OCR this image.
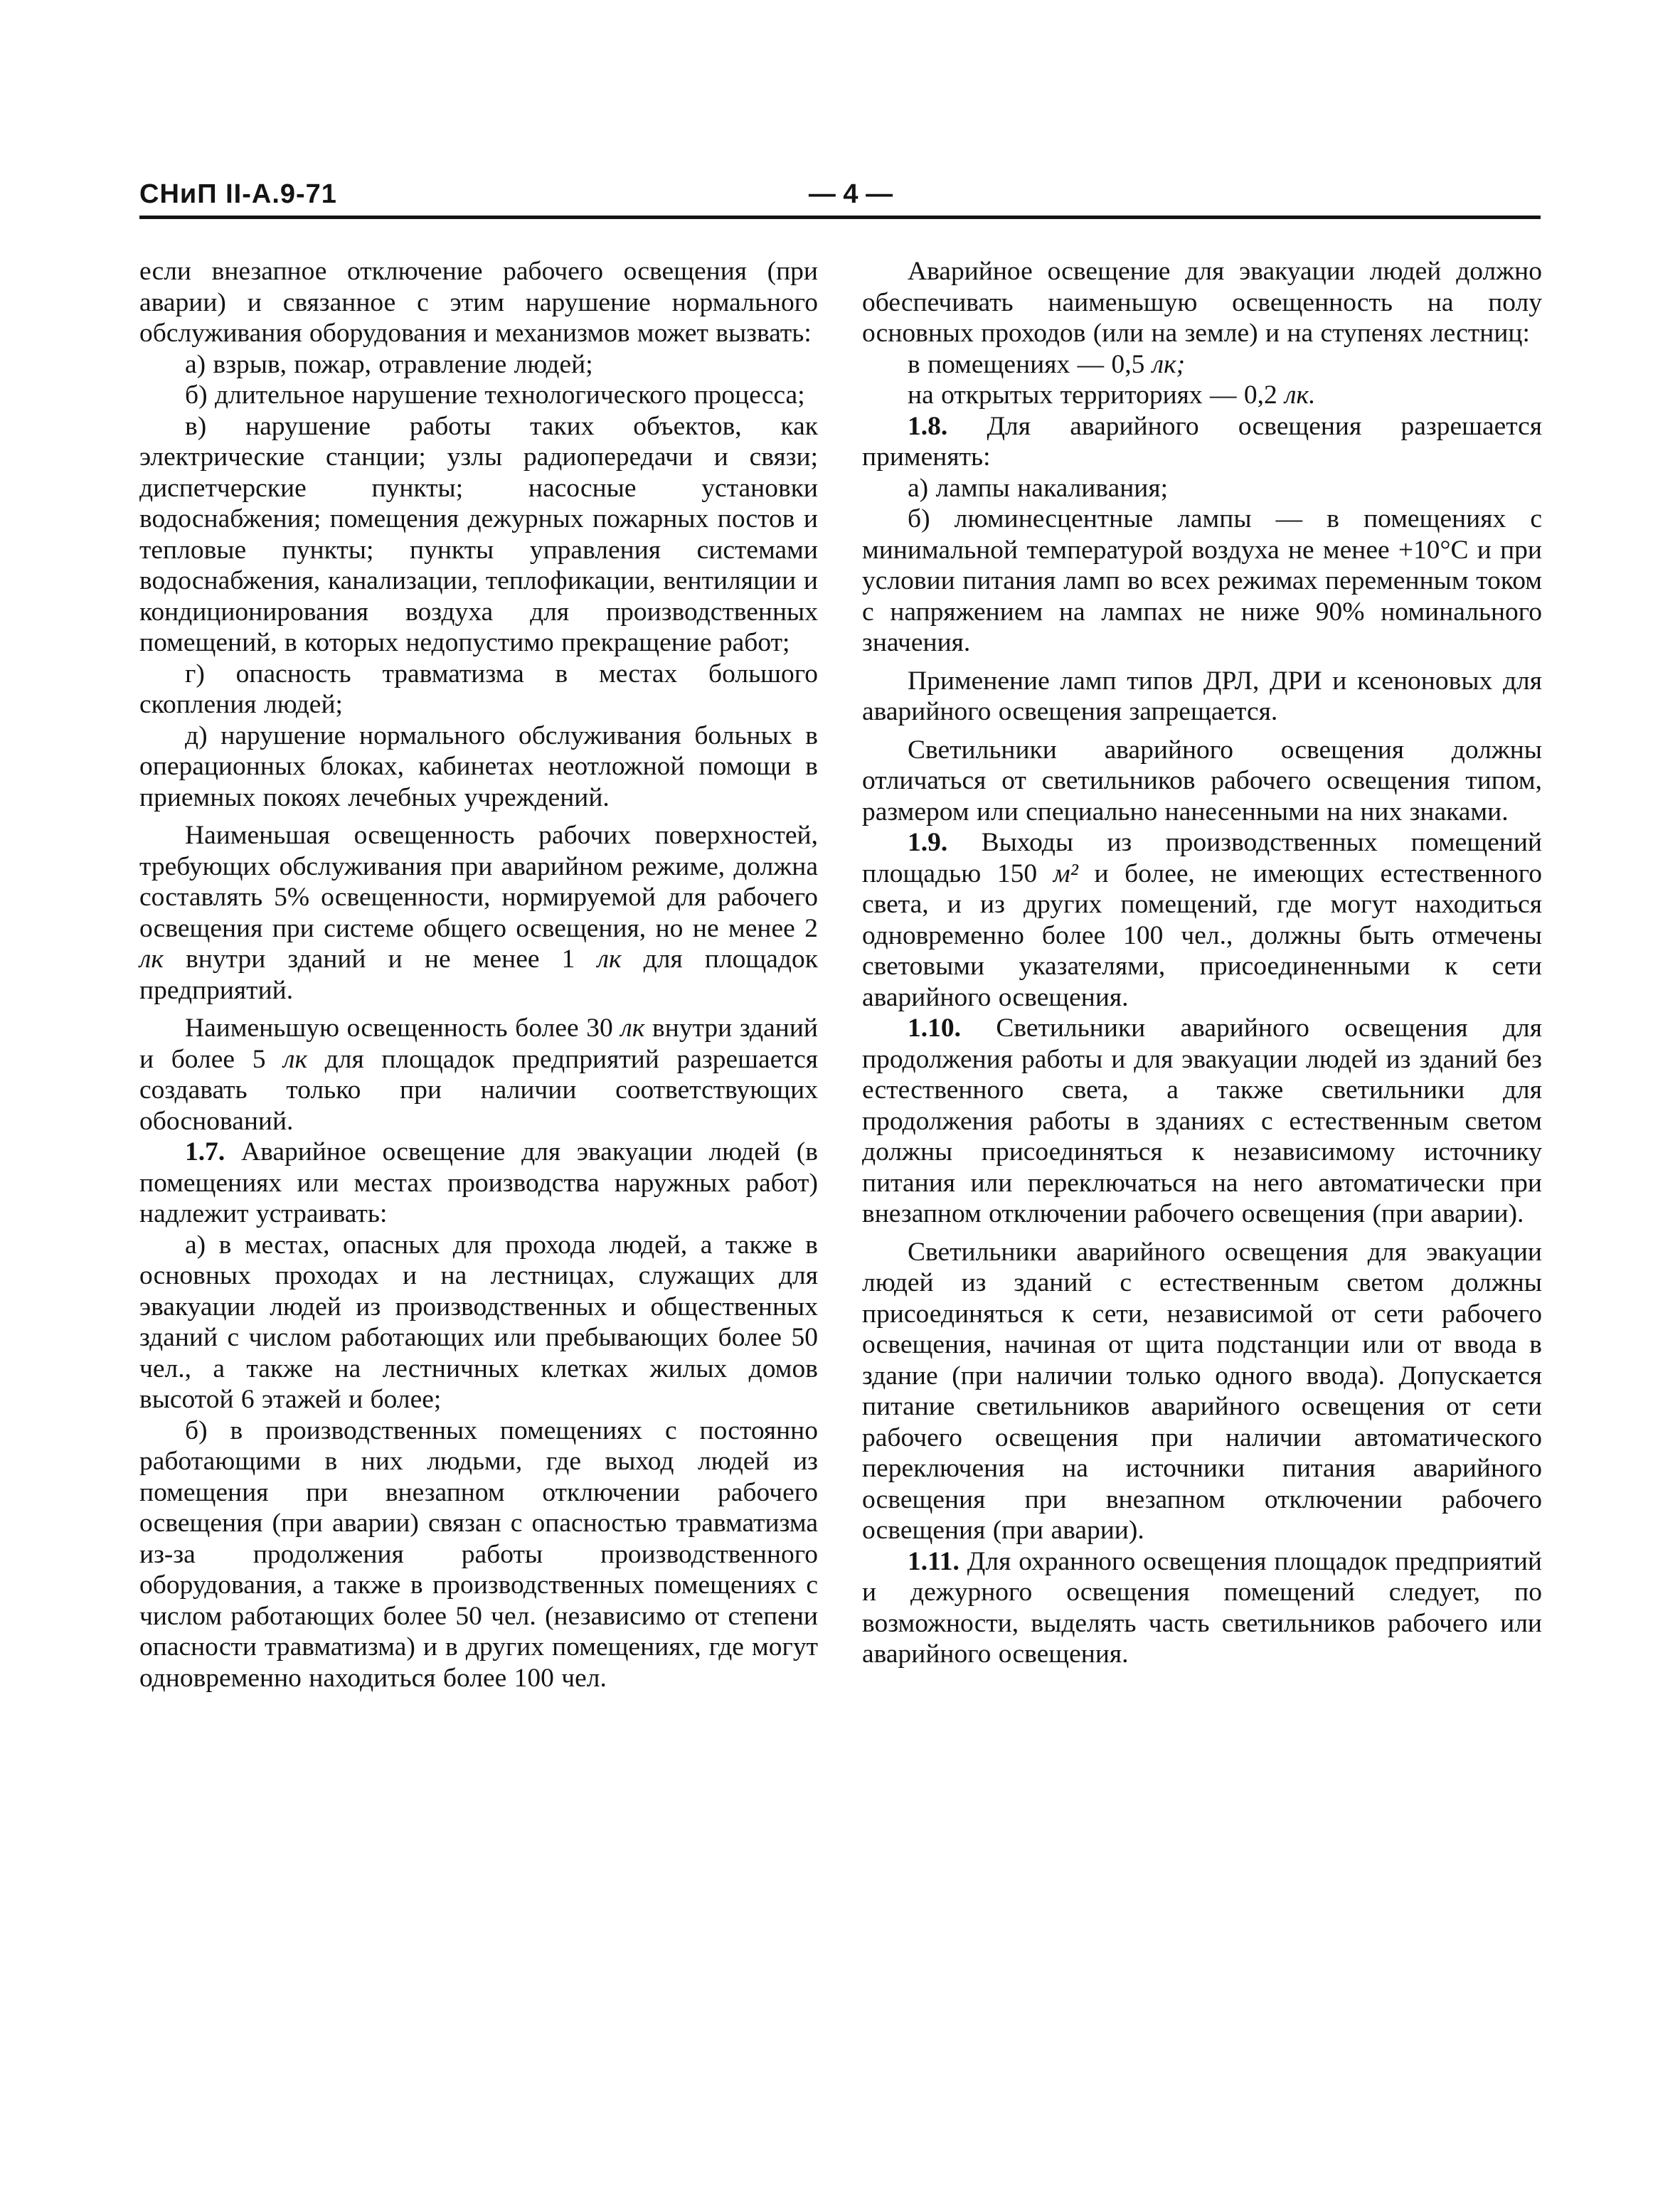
СНиП II-А.9-71	— 4 —

если внезапное отключение рабочего освещения (при аварии) и связанное с этим нарушение нормального обслуживания оборудования и механизмов может вызвать:

а) взрыв, пожар, отравление людей;

б) длительное нарушение технологического процесса;

в) нарушение работы таких объектов, как электрические станции; узлы радиопередачи и связи; диспетчерские пункты; насосные установки водоснабжения; помещения дежурных пожарных постов и тепловые пункты; пункты управления системами водоснабжения, канализации, теплофикации, вентиляции и кондиционирования воздуха для производственных помещений, в которых недопустимо прекращение работ;

г) опасность травматизма в местах большого скопления людей;

д) нарушение нормального обслуживания больных в операционных блоках, кабинетах неотложной помощи в приемных покоях лечебных учреждений.

Наименьшая освещенность рабочих поверхностей, требующих обслуживания при аварийном режиме, должна составлять 5% освещенности, нормируемой для рабочего освещения при системе общего освещения, но не менее 2 лк внутри зданий и не менее 1 лк для площадок предприятий.

Наименьшую освещенность более 30 лк внутри зданий и более 5 лк для площадок предприятий разрешается создавать только при наличии соответствующих обоснований.

1.7. Аварийное освещение для эвакуации людей (в помещениях или местах производства наружных работ) надлежит устраивать:

а) в местах, опасных для прохода людей, а также в основных проходах и на лестницах, служащих для эвакуации людей из производственных и общественных зданий с числом работающих или пребывающих более 50 чел., а также на лестничных клетках жилых домов высотой 6 этажей и более;

б) в производственных помещениях с постоянно работающими в них людьми, где выход людей из помещения при внезапном отключении рабочего освещения (при аварии) связан с опасностью травматизма из-за продолжения работы производственного оборудования, а также в производственных помещениях с числом работающих более 50 чел. (независимо от степени опасности травматизма) и в других помещениях, где могут одновременно находиться более 100 чел.

Аварийное освещение для эвакуации людей должно обеспечивать наименьшую освещенность на полу основных проходов (или на земле) и на ступенях лестниц:

в помещениях — 0,5 лк;

на открытых территориях — 0,2 лк.

1.8. Для аварийного освещения разрешается применять:

а) лампы накаливания;

б) люминесцентные лампы — в помещениях с минимальной температурой воздуха не менее +10°С и при условии питания ламп во всех режимах переменным током с напряжением на лампах не ниже 90% номинального значения.

Применение ламп типов ДРЛ, ДРИ и ксеноновых для аварийного освещения запрещается.

Светильники аварийного освещения должны отличаться от светильников рабочего освещения типом, размером или специально нанесенными на них знаками.

1.9. Выходы из производственных помещений площадью 150 м² и более, не имеющих естественного света, и из других помещений, где могут находиться одновременно более 100 чел., должны быть отмечены световыми указателями, присоединенными к сети аварийного освещения.

1.10. Светильники аварийного освещения для продолжения работы и для эвакуации людей из зданий без естественного света, а также светильники для продолжения работы в зданиях с естественным светом должны присоединяться к независимому источнику питания или переключаться на него автоматически при внезапном отключении рабочего освещения (при аварии).

Светильники аварийного освещения для эвакуации людей из зданий с естественным светом должны присоединяться к сети, независимой от сети рабочего освещения, начиная от щита подстанции или от ввода в здание (при наличии только одного ввода). Допускается питание светильников аварийного освещения от сети рабочего освещения при наличии автоматического переключения на источники питания аварийного освещения при внезапном отключении рабочего освещения (при аварии).

1.11. Для охранного освещения площадок предприятий и дежурного освещения помещений следует, по возможности, выделять часть светильников рабочего или аварийного освещения.
